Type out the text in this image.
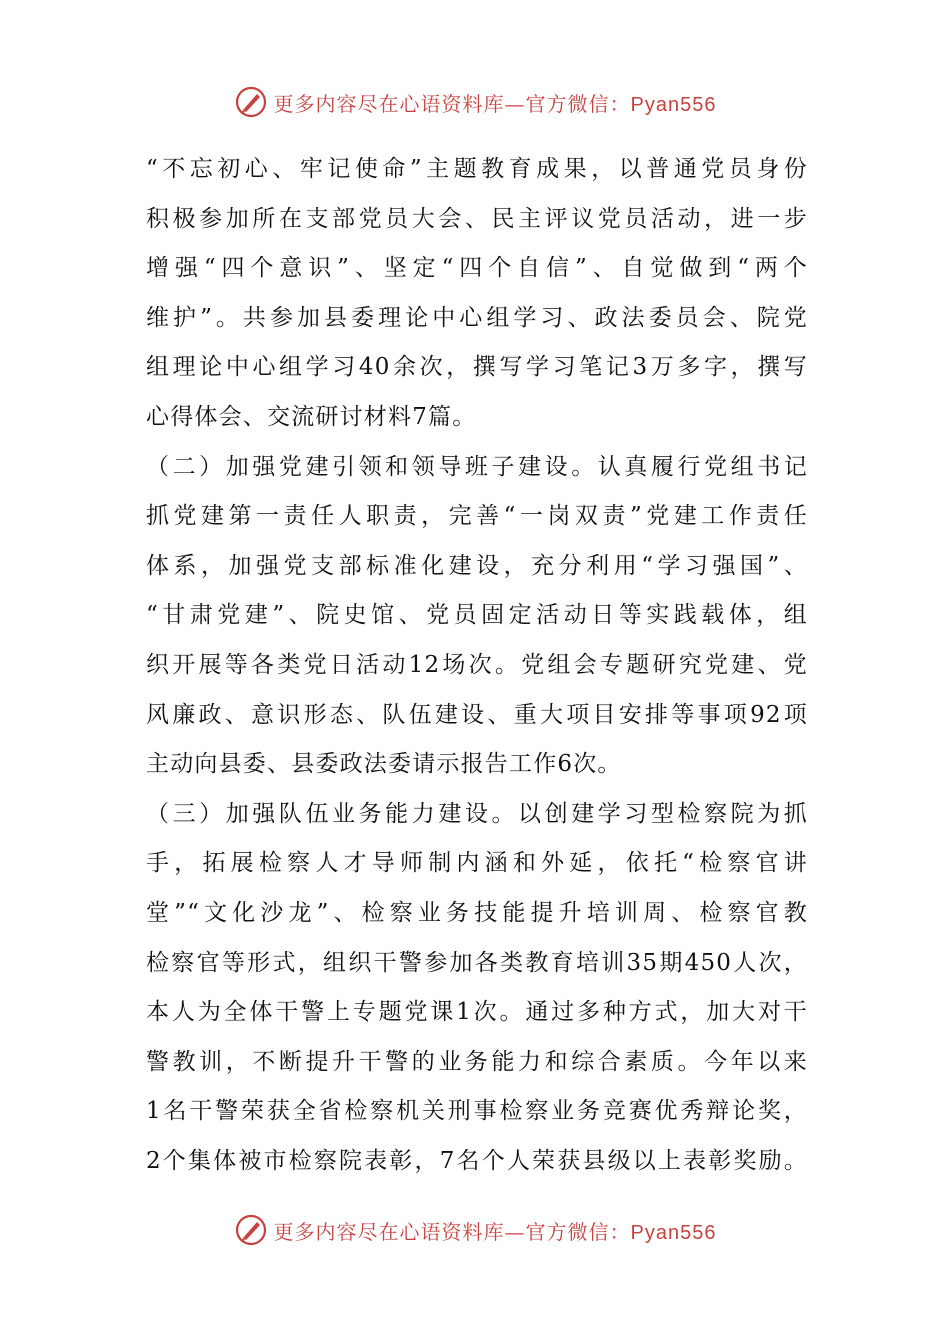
更多内容尽在心语资料库—官方微信：Pyan556
“不忘初心、牢记使命”主题教育成果，以普通党员身份
积极参加所在支部党员大会、民主评议党员活动，进一步
增强“四个意识”、坚定“四个自信”、自觉做到“两个
维护”。共参加县委理论中心组学习、政法委员会、院党
组理论中心组学习40余次，撰写学习笔记3万多字，撰写
心得体会、交流研讨材料7篇。
（二）加强党建引领和领导班子建设。认真履行党组书记
抓党建第一责任人职责，完善“一岗双责”党建工作责任
体系，加强党支部标准化建设，充分利用“学习强国”、
“甘肃党建”、院史馆、党员固定活动日等实践载体，组
织开展等各类党日活动12场次。党组会专题研究党建、党
风廉政、意识形态、队伍建设、重大项目安排等事项92项
主动向县委、县委政法委请示报告工作6次。
（三）加强队伍业务能力建设。以创建学习型检察院为抓
手，拓展检察人才导师制内涵和外延，依托“检察官讲
堂”“文化沙龙”、检察业务技能提升培训周、检察官教
检察官等形式，组织干警参加各类教育培训35期450人次，
本人为全体干警上专题党课1次。通过多种方式，加大对干
警教训，不断提升干警的业务能力和综合素质。今年以来
1名干警荣获全省检察机关刑事检察业务竞赛优秀辩论奖，
2个集体被市检察院表彰，7名个人荣获县级以上表彰奖励。
更多内容尽在心语资料库—官方微信：Pyan556
